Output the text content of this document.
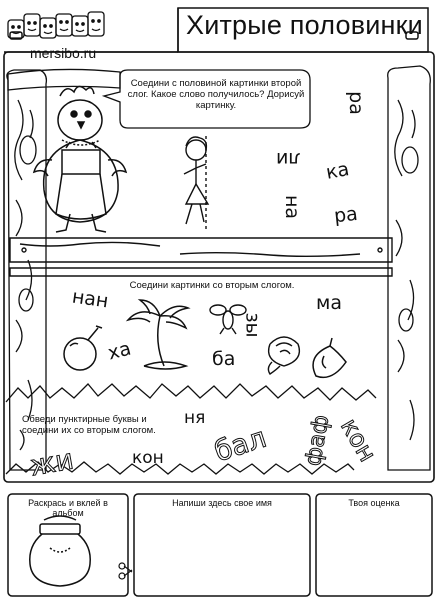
Хитрые половинки
mersibo.ru
Соедини с половиной картинки второй слог. Какое слово получилось? Дорисуй картинку.	ра
ли ка
на ра
Соедини картинки со вторым слогом.
нан
ха
зы
ба
ма
Обведи пунктирные буквы и соедини их со вторым слогом.
ня
кон
жи	бал фаф кон
Раскрась и вклей в альбом
Напиши здесь свое имя	Твоя оценка
